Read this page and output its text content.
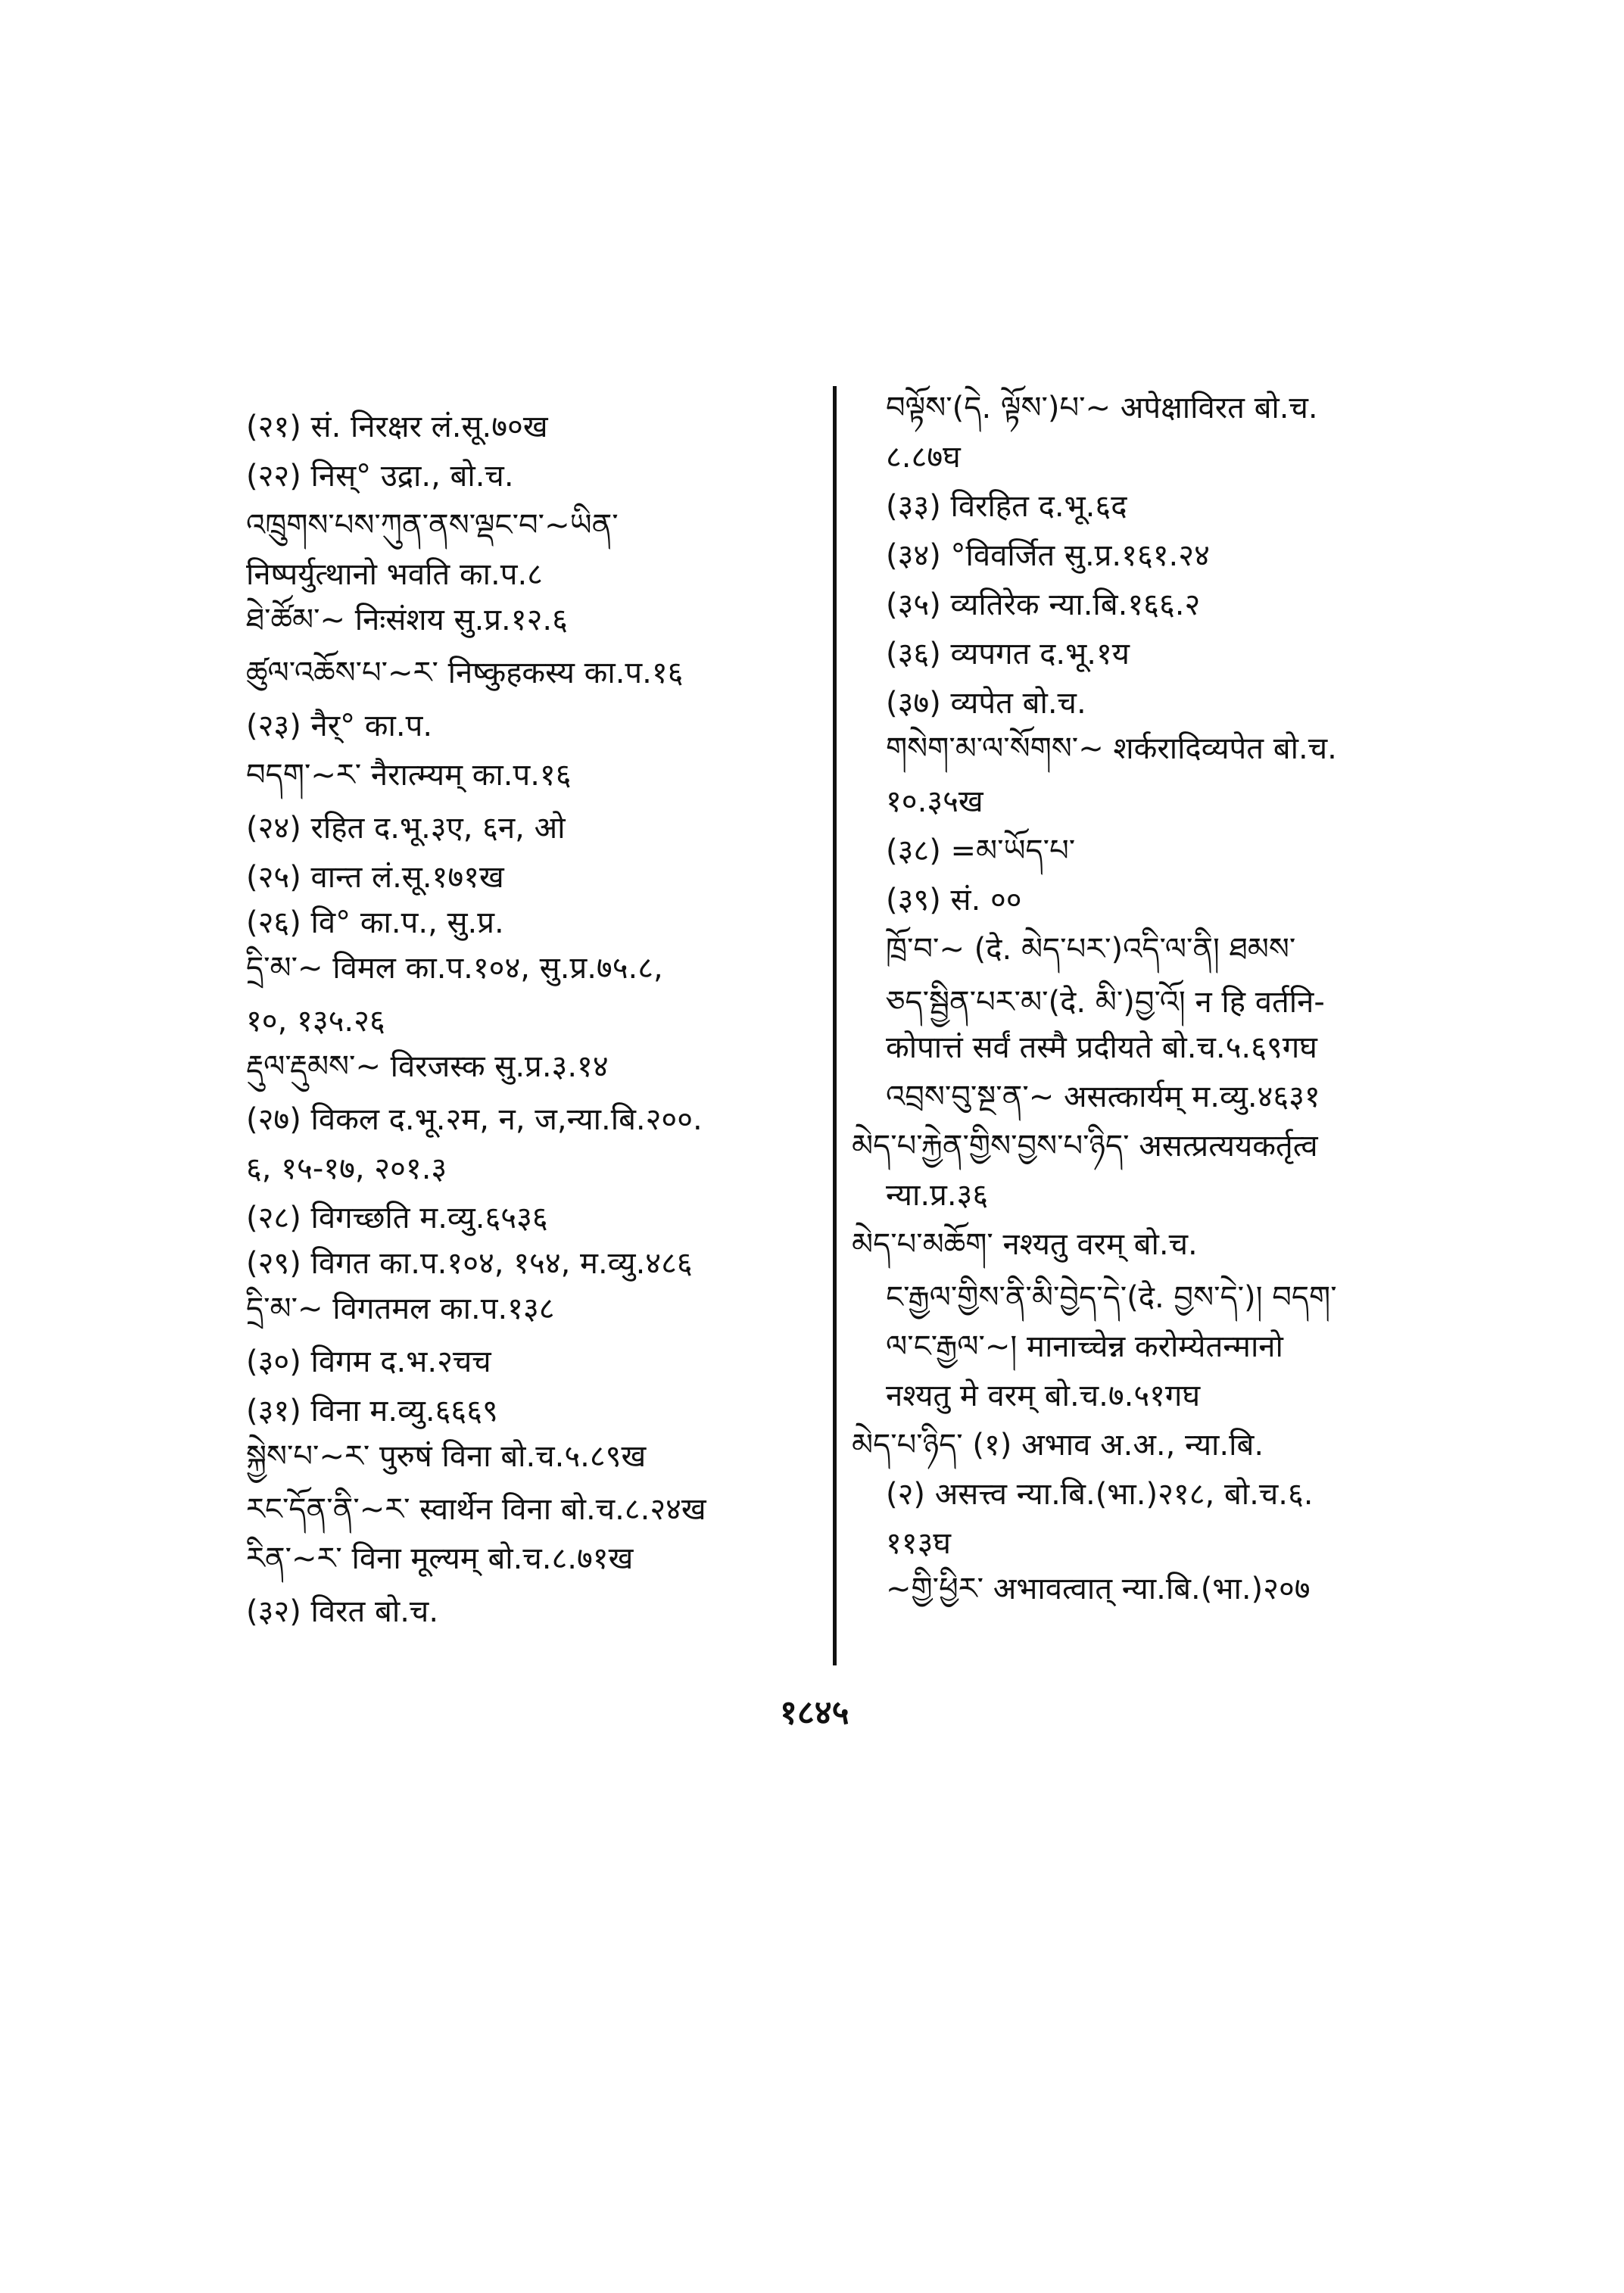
(२१) सं. निरक्षर लं.सू.७०ख
(२२) निस्° उद्रा., बो.च.
འཁྲུགས་པས་ཀུན་ནས་ལྡང་བ་~ཡིན་
निष्पर्युत्थानो भवति का.प.८
ཐེ་ཚོམ་~ निःसंशय सु.प्र.१२.६
ཚུལ་འཆོས་པ་~ར་ निष्कुहकस्य का.प.१६
(२३) नैर्° का.प.
བདག་~ར་ नैरात्म्यम् का.प.१६
(२४) रहित द.भू.३ए, ६न, ओ
(२५) वान्त लं.सू.१७१ख
(२६) वि° का.प., सु.प्र.
དྲི་མ་~ विमल का.प.१०४, सु.प्र.७५.८,
१०, १३५.२६
རྡུལ་རྡུམས་~ विरजस्क सु.प्र.३.१४
(२७) विकल द.भू.२म, न, ज,न्या.बि.२००.
६, १५-१७, २०१.३
(२८) विगच्छति म.व्यु.६५३६
(२९) विगत का.प.१०४, १५४, म.व्यु.४८६
དྲི་མ་~ विगतमल का.प.१३८
(३०) विगम द.भ.२चच
(३१) विना म.व्यु.६६६९
སྐྱེས་པ་~ར་ पुरुषं विना बो.च.५.८९ख
རང་དོན་ནི་~ར་ स्वार्थेन विना बो.च.८.२४ख
རིན་~ར་ विना मूल्यम् बो.च.८.७१ख
(३२) विरत बो.च.
བལྟོས་(དེ. ལྟོས་)པ་~ अपेक्षाविरत बो.च.
८.८७घ
(३३) विरहित द.भू.६द
(३४) °विवर्जित सु.प्र.१६१.२४
(३५) व्यतिरेक न्या.बि.१६६.२
(३६) व्यपगत द.भू.१य
(३७) व्यपेत बो.च.
གསེག་མ་ལ་སོགས་~ शर्करादिव्यपेत बो.च.
१०.३५ख
(३८) =མ་ཡོད་པ་
(३९) सं. ००
ཁྲོ་བ་~ (दे. མེད་པར་)འདི་ལ་ནི། ཐམས་
ཅད་སྦྱིན་པར་མ་(दे. མི་)བྱ་འོ། न हि वर्तनि-
कोपात्तं सर्वं तस्मै प्रदीयते बो.च.५.६९गघ
འབྲས་བུ་སྔ་ན་~ असत्कार्यम् म.व्यु.४६३१
མེད་པ་རྐྱེན་གྱིས་བྱས་པ་ཉིད་ असत्प्रत्ययकर्तृत्व
न्या.प्र.३६
མེད་པ་མཆོག་ नश्यतु वरम् बो.च.
ང་རྒྱལ་གྱིས་ནི་མི་བྱེད་དེ་(दे. བྱས་དེ་)། བདག་
ལ་ང་རྒྱལ་~། मानाच्चेन्न करोम्येतन्मानो
नश्यतु मे वरम् बो.च.७.५१गघ
མེད་པ་ཉིད་ (१) अभाव अ.अ., न्या.बि.
(२) असत्त्व न्या.बि.(भा.)२१८, बो.च.६.
११३घ
~གྱི་ཕྱིར་ अभावत्वात् न्या.बि.(भा.)२०७
१८४५
